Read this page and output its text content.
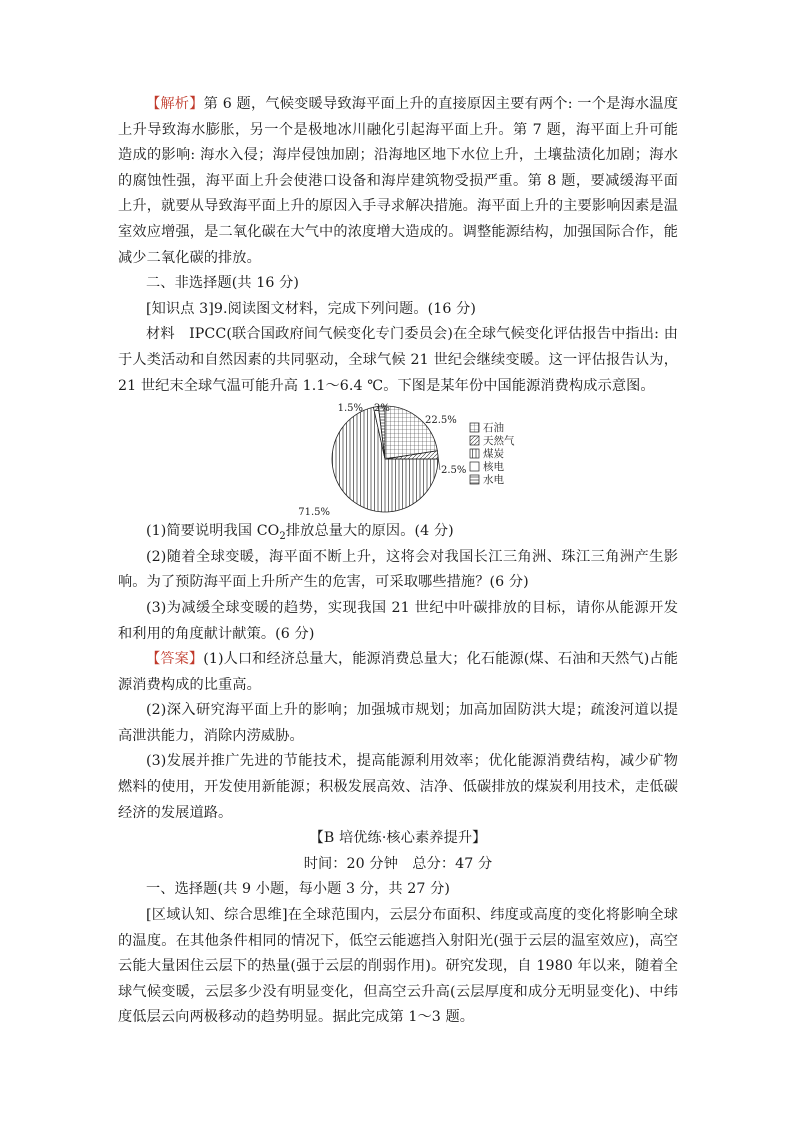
【解析】第 6 题，气候变暖导致海平面上升的直接原因主要有两个: 一个是海水温度上升导致海水膨胀，另一个是极地冰川融化引起海平面上升。第 7 题，海平面上升可能造成的影响: 海水入侵；海岸侵蚀加剧；沿海地区地下水位上升，土壤盐渍化加剧；海水的腐蚀性强，海平面上升会使港口设备和海岸建筑物受损严重。第 8 题，要减缓海平面上升，就要从导致海平面上升的原因入手寻求解决措施。海平面上升的主要影响因素是温室效应增强，是二氧化碳在大气中的浓度增大造成的。调整能源结构，加强国际合作，能减少二氧化碳的排放。

二、非选择题(共 16 分)

[知识点 3]9.阅读图文材料，完成下列问题。(16 分)

材料　IPCC(联合国政府间气候变化专门委员会)在全球气候变化评估报告中指出: 由于人类活动和自然因素的共同驱动，全球气候 21 世纪会继续变暖。这一评估报告认为，21 世纪末全球气温可能升高 1.1～6.4 ℃。下图是某年份中国能源消费构成示意图。

22.5%
2.5%
71.5%
1.5% 2%
石油
天然气
煤炭
核电
水电

(1)简要说明我国 $CO_2$排放总量大的原因。(4 分)

(2)随着全球变暖，海平面不断上升，这将会对我国长江三角洲、珠江三角洲产生影响。为了预防海平面上升所产生的危害，可采取哪些措施？(6 分)

(3)为减缓全球变暖的趋势，实现我国 21 世纪中叶碳排放的目标，请你从能源开发和利用的角度献计献策。(6 分)

【答案】(1)人口和经济总量大，能源消费总量大；化石能源(煤、石油和天然气)占能源消费构成的比重高。

(2)深入研究海平面上升的影响；加强城市规划；加高加固防洪大堤；疏浚河道以提高泄洪能力，消除内涝威胁。

(3)发展并推广先进的节能技术，提高能源利用效率；优化能源消费结构，减少矿物燃料的使用，开发使用新能源；积极发展高效、洁净、低碳排放的煤炭利用技术，走低碳经济的发展道路。

【B 培优练·核心素养提升】

时间：20 分钟　总分：47 分

一、选择题(共 9 小题，每小题 3 分，共 27 分)

[区域认知、综合思维]在全球范围内，云层分布面积、纬度或高度的变化将影响全球的温度。在其他条件相同的情况下，低空云能遮挡入射阳光(强于云层的温室效应)，高空云能大量困住云层下的热量(强于云层的削弱作用)。研究发现，自 1980 年以来，随着全球气候变暖，云层多少没有明显变化，但高空云升高(云层厚度和成分无明显变化)、中纬度低层云向两极移动的趋势明显。据此完成第 1～3 题。
